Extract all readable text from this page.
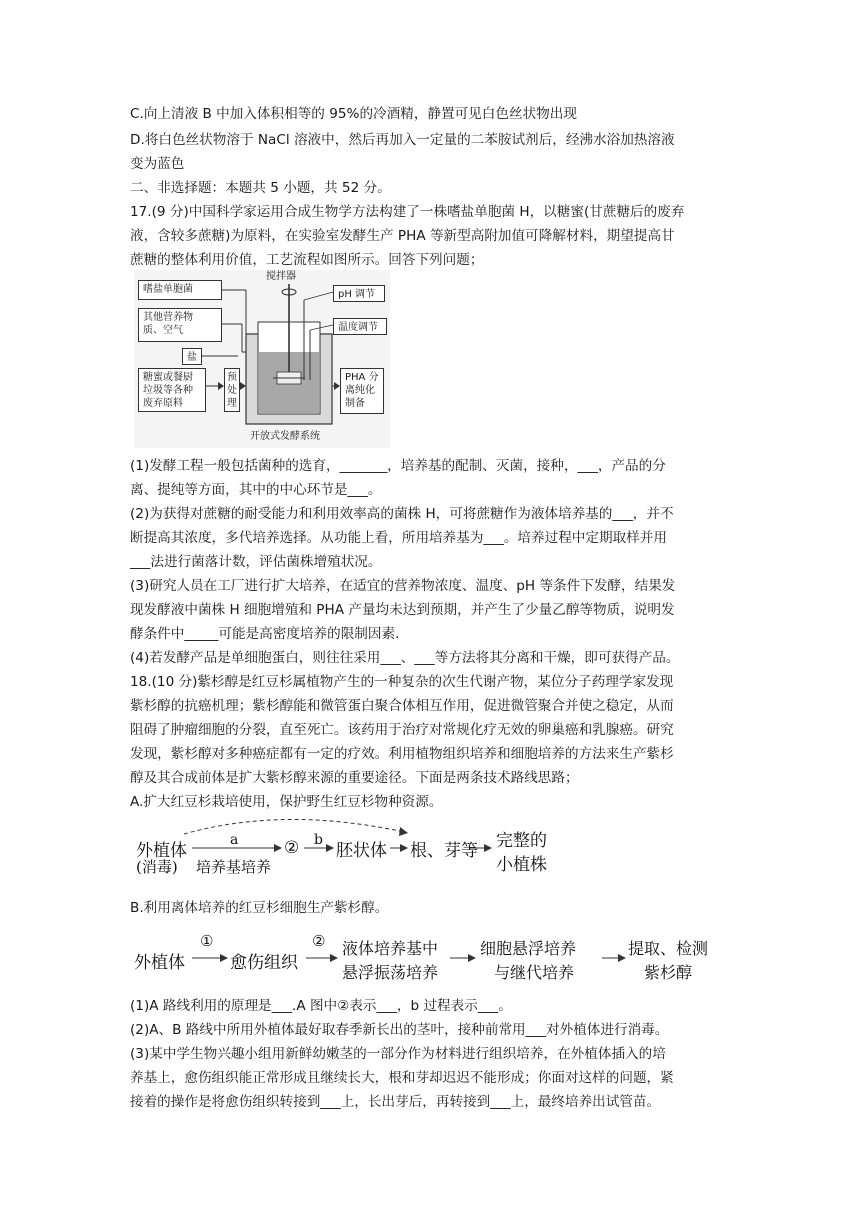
C.向上清液 B 中加入体积相等的 95%的冷酒精，静置可见白色丝状物出现
D.将白色丝状物溶于 NaCl 溶液中，然后再加入一定量的二苯胺试剂后，经沸水浴加热溶液
变为蓝色
二、非选择题：本题共 5 小题，共 52 分。
17.(9 分)中国科学家运用合成生物学方法构建了一株嗜盐单胞菌 H，以糖蜜(甘蔗糖后的废弃
液，含较多蔗糖)为原料，在实验室发酵生产 PHA 等新型高附加值可降解材料，期望提高甘
蔗糖的整体利用价值，工艺流程如图所示。回答下列问题；
搅拌器
pH 调节
温度调节
嗜盐单胞菌
其他营养物
质、空气
盐
糖蜜或餐厨
垃圾等各种
废弃原料
预
处
理
PHA 分
离纯化
制备
开放式发酵系统
(1)发酵工程一般包括菌种的选育，_______，培养基的配制、灭菌，接种，___，产品的分
离、提纯等方面，其中的中心环节是___。
(2)为获得对蔗糖的耐受能力和利用效率高的菌株 H，可将蔗糖作为液体培养基的___，并不
断提高其浓度，多代培养选择。从功能上看，所用培养基为___。培养过程中定期取样并用
___法进行菌落计数，评估菌株增殖状况。
(3)研究人员在工厂进行扩大培养，在适宜的营养物浓度、温度、pH 等条件下发酵，结果发
现发酵液中菌株 H 细胞增殖和 PHA 产量均未达到预期，并产生了少量乙醇等物质，说明发
酵条件中_____可能是高密度培养的限制因素.
(4)若发酵产品是单细胞蛋白，则往往采用___、___等方法将其分离和干燥，即可获得产品。
18.(10 分)紫杉醇是红豆杉属植物产生的一种复杂的次生代谢产物，某位分子药理学家发现
紫杉醇的抗癌机理；紫杉醇能和微管蛋白聚合体相互作用，促进微管聚合并使之稳定，从而
阻碍了肿瘤细胞的分裂，直至死亡。该药用于治疗对常规化疗无效的卵巢癌和乳腺癌。研究
发现，紫杉醇对多种癌症都有一定的疗效。利用植物组织培养和细胞培养的方法来生产紫杉
醇及其合成前体是扩大紫杉醇来源的重要途径。下面是两条技术路线思路；
A.扩大红豆杉栽培使用，保护野生红豆杉物种资源。
外植体
(消毒)
a
培养基培养
② b
胚状体 根、芽等 完整的
小植株
B.利用离体培养的红豆杉细胞生产紫杉醇。
外植体
①
愈伤组织
② 液体培养基中
悬浮振荡培养
细胞悬浮培养
与继代培养
提取、检测
紫杉醇
(1)A 路线利用的原理是___.A 图中②表示___，b 过程表示___。
(2)A、B 路线中所用外植体最好取春季新长出的茎叶，接种前常用___对外植体进行消毒。
(3)某中学生物兴趣小组用新鲜幼嫩茎的一部分作为材料进行组织培养，在外植体插入的培
养基上，愈伤组织能正常形成且继续长大，根和芽却迟迟不能形成；你面对这样的问题，紧
接着的操作是将愈伤组织转接到___上，长出芽后，再转接到___上，最终培养出试管苗。
